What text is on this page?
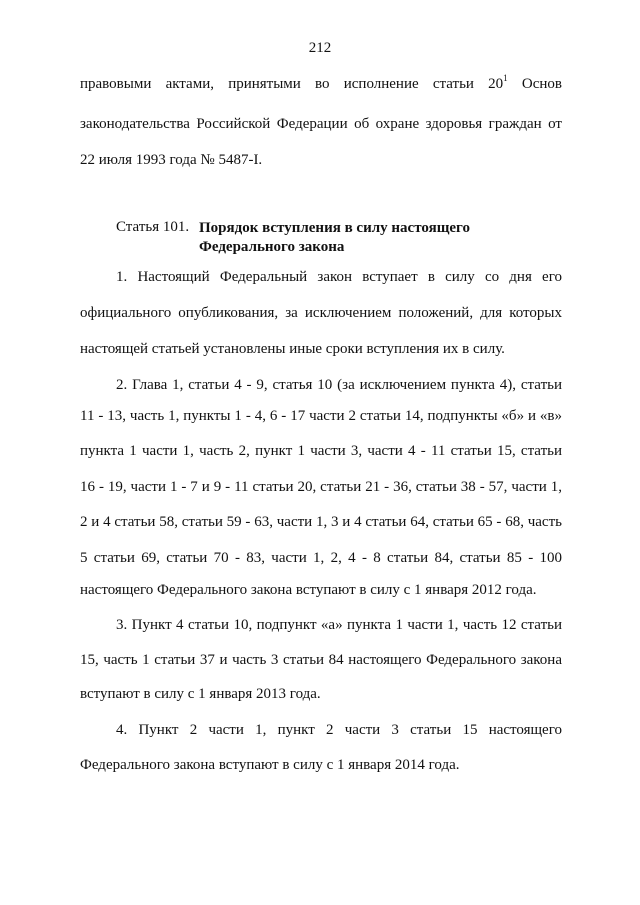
212
правовыми актами, принятыми во исполнение статьи $20^1$ Основ
законодательства Российской Федерации об охране здоровья граждан от
22 июля 1993 года № 5487-I.
Статья 101. Порядок вступления в силу настоящего
Федерального закона
1. Настоящий Федеральный закон вступает в силу со дня его
официального опубликования, за исключением положений, для которых
настоящей статьей установлены иные сроки вступления их в силу.
2. Глава 1, статьи 4 - 9, статья 10 (за исключением пункта 4), статьи
11 - 13, часть 1, пункты 1 - 4, 6 - 17 части 2 статьи 14, подпункты «б» и «в»
пункта 1 части 1, часть 2, пункт 1 части 3, части 4 - 11 статьи 15, статьи
16 - 19, части 1 - 7 и 9 - 11 статьи 20, статьи 21 - 36, статьи 38 - 57, части 1,
2 и 4 статьи 58, статьи 59 - 63, части 1, 3 и 4 статьи 64, статьи 65 - 68, часть
5 статьи 69, статьи 70 - 83, части 1, 2, 4 - 8 статьи 84, статьи 85 - 100
настоящего Федерального закона вступают в силу с 1 января 2012 года.
3. Пункт 4 статьи 10, подпункт «а» пункта 1 части 1, часть 12 статьи
15, часть 1 статьи 37 и часть 3 статьи 84 настоящего Федерального закона
вступают в силу с 1 января 2013 года.
4. Пункт 2 части 1, пункт 2 части 3 статьи 15 настоящего
Федерального закона вступают в силу с 1 января 2014 года.
